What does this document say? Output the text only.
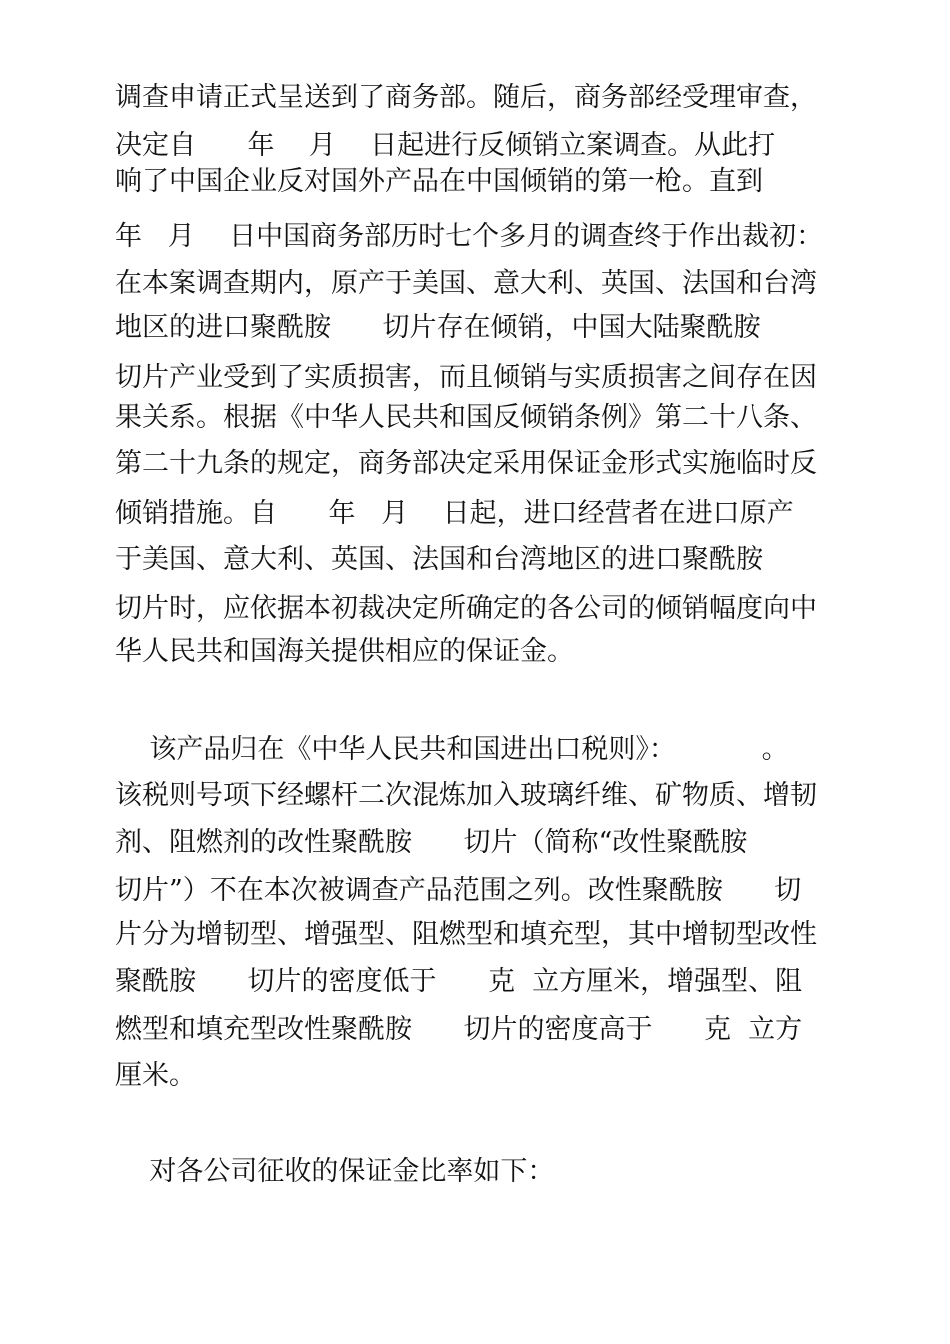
调查申请正式呈送到了商务部。随后，商务部经受理审查，
决定自      年    月    日起进行反倾销立案调查。从此打
响了中国企业反对国外产品在中国倾销的第一枪。直到
年   月    日中国商务部历时七个多月的调查终于作出裁初：
在本案调查期内，原产于美国、意大利、英国、法国和台湾
地区的进口聚酰胺      切片存在倾销，中国大陆聚酰胺
切片产业受到了实质损害，而且倾销与实质损害之间存在因
果关系。根据《中华人民共和国反倾销条例》第二十八条、
第二十九条的规定，商务部决定采用保证金形式实施临时反
倾销措施。自      年   月    日起，进口经营者在进口原产
于美国、意大利、英国、法国和台湾地区的进口聚酰胺
切片时，应依据本初裁决定所确定的各公司的倾销幅度向中
华人民共和国海关提供相应的保证金。
该产品归在《中华人民共和国进出口税则》：          。
该税则号项下经螺杆二次混炼加入玻璃纤维、矿物质、增韧
剂、阻燃剂的改性聚酰胺      切片（简称“改性聚酰胺
切片”）不在本次被调查产品范围之列。改性聚酰胺      切
片分为增韧型、增强型、阻燃型和填充型，其中增韧型改性
聚酰胺      切片的密度低于      克  立方厘米，增强型、阻
燃型和填充型改性聚酰胺      切片的密度高于      克  立方
厘米。
对各公司征收的保证金比率如下：
